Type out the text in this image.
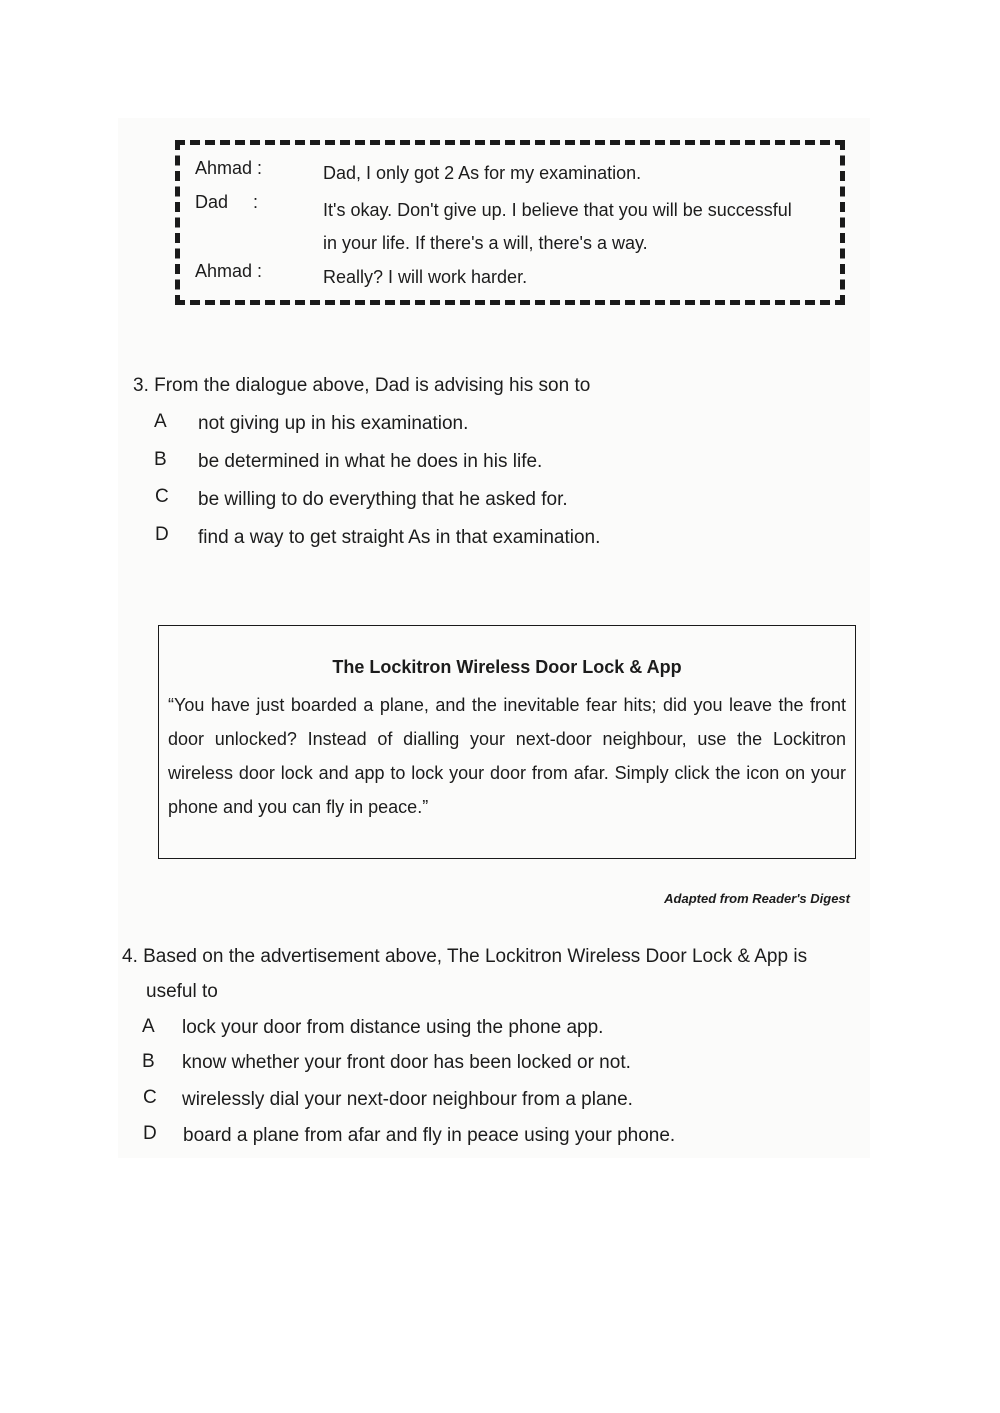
Ahmad :	Dad, I only got 2 As for my examination.
Dad     :	It's okay. Don't give up. I believe that you will be successful
in your life. If there's a will, there's a way.
Ahmad :	Really? I will work harder.
3. From the dialogue above, Dad is advising his son to
A not giving up in his examination.
B be determined in what he does in his life.
C be willing to do everything that he asked for.
D find a way to get straight As in that examination.
The Lockitron Wireless Door Lock & App
“You have just boarded a plane, and the inevitable fear hits; did you leave the front door unlocked? Instead of dialling your next-door neighbour, use the Lockitron wireless door lock and app to lock your door from afar. Simply click the icon on your phone and you can fly in peace.”
Adapted from Reader's Digest
4. Based on the advertisement above, The Lockitron Wireless Door Lock & App is
useful to
A lock your door from distance using the phone app.
B know whether your front door has been locked or not.
C wirelessly dial your next-door neighbour from a plane.
D board a plane from afar and fly in peace using your phone.
